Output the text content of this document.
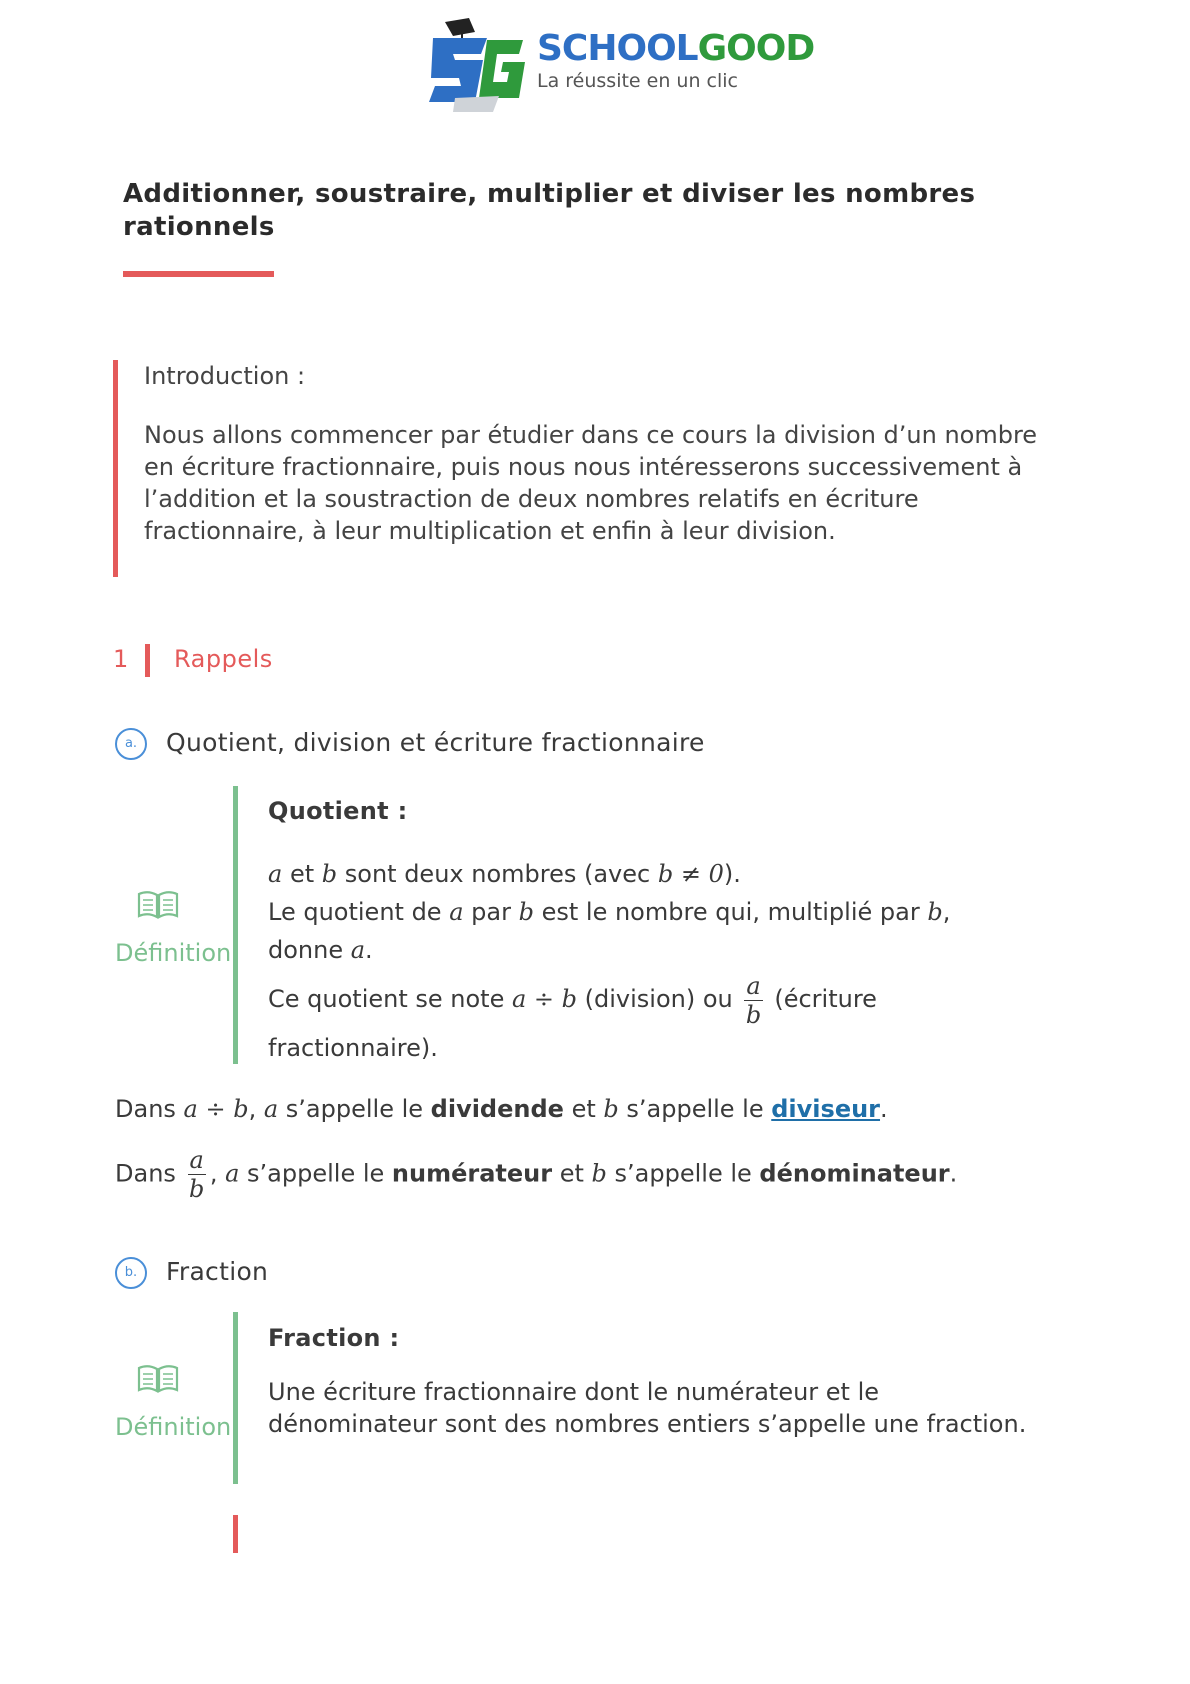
SCHOOLGOOD
La réussite en un clic
Additionner, soustraire, multiplier et diviser les nombres rationnels
Introduction :
Nous allons commencer par étudier dans ce cours la division d’un nombre en écriture fractionnaire, puis nous nous intéresserons successivement à l’addition et la soustraction de deux nombres relatifs en écriture fractionnaire, à leur multiplication et enfin à leur division.
1 Rappels
a.	Quotient, division et écriture fractionnaire
Définition
Quotient :
a et b sont deux nombres (avec b ≠ 0).
Le quotient de a par b est le nombre qui, multiplié par b,
donne a.
Ce quotient se note a ÷ b (division) ou $\frac{a}{b}$ (écriture
fractionnaire).
Dans a ÷ b, a s’appelle le dividende et b s’appelle le diviseur.
Dans $\frac{a}{b}$ , a s’appelle le numérateur et b s’appelle le dénominateur.
b.	Fraction
Définition
Fraction :
Une écriture fractionnaire dont le numérateur et le dénominateur sont des nombres entiers s’appelle une fraction.
